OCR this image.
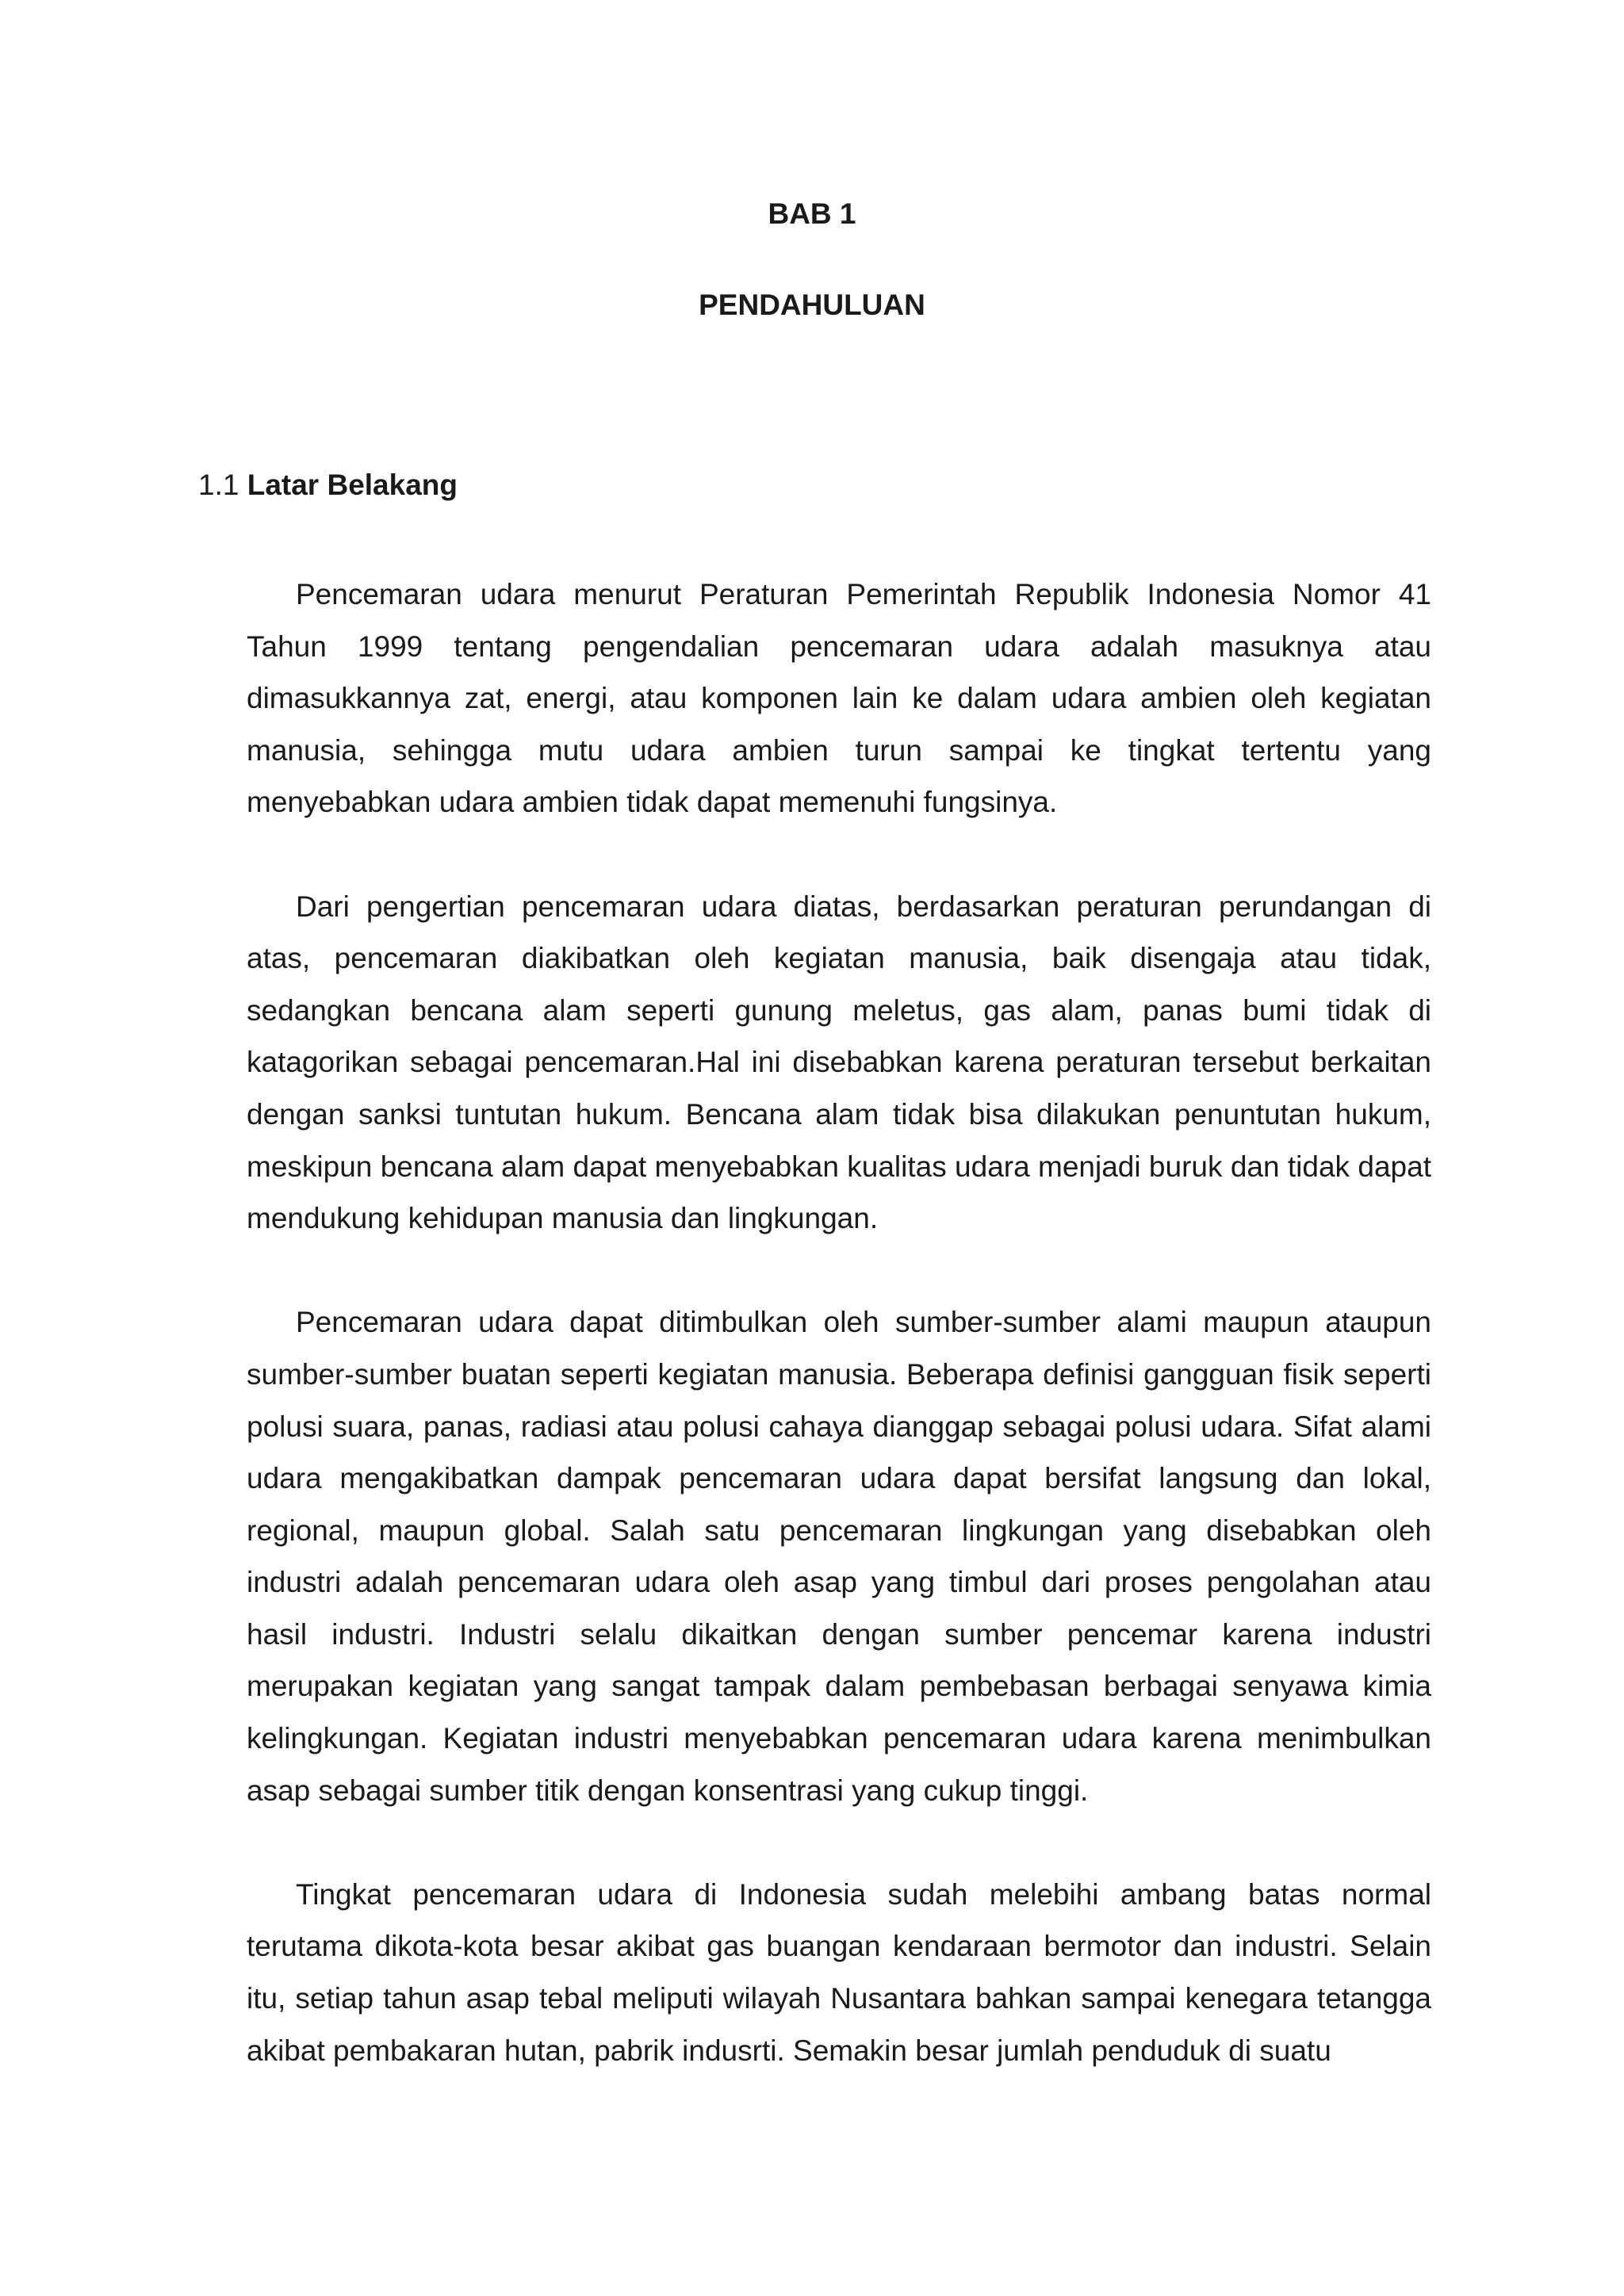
BAB 1
PENDAHULUAN
1.1 Latar Belakang

Pencemaran udara menurut Peraturan Pemerintah Republik Indonesia Nomor 41 Tahun 1999 tentang pengendalian pencemaran udara adalah masuknya atau dimasukkannya zat, energi, atau komponen lain ke dalam udara ambien oleh kegiatan manusia, sehingga mutu udara ambien turun sampai ke tingkat tertentu yang menyebabkan udara ambien tidak dapat memenuhi fungsinya.

Dari pengertian pencemaran udara diatas, berdasarkan peraturan perundangan di atas, pencemaran diakibatkan oleh kegiatan manusia, baik disengaja atau tidak, sedangkan bencana alam seperti gunung meletus, gas alam, panas bumi tidak di katagorikan sebagai pencemaran.Hal ini disebabkan karena peraturan tersebut berkaitan dengan sanksi tuntutan hukum. Bencana alam tidak bisa dilakukan penuntutan hukum, meskipun bencana alam dapat menyebabkan kualitas udara menjadi buruk dan tidak dapat mendukung kehidupan manusia dan lingkungan.

Pencemaran udara dapat ditimbulkan oleh sumber-sumber alami maupun ataupun sumber-sumber buatan seperti kegiatan manusia. Beberapa definisi gangguan fisik seperti polusi suara, panas, radiasi atau polusi cahaya dianggap sebagai polusi udara. Sifat alami udara mengakibatkan dampak pencemaran udara dapat bersifat langsung dan lokal, regional, maupun global. Salah satu pencemaran lingkungan yang disebabkan oleh industri adalah pencemaran udara oleh asap yang timbul dari proses pengolahan atau hasil industri. Industri selalu dikaitkan dengan sumber pencemar karena industri merupakan kegiatan yang sangat tampak dalam pembebasan berbagai senyawa kimia kelingkungan. Kegiatan industri menyebabkan pencemaran udara karena menimbulkan asap sebagai sumber titik dengan konsentrasi yang cukup tinggi.

Tingkat pencemaran udara di Indonesia sudah melebihi ambang batas normal terutama dikota-kota besar akibat gas buangan kendaraan bermotor dan industri. Selain itu, setiap tahun asap tebal meliputi wilayah Nusantara bahkan sampai kenegara tetangga akibat pembakaran hutan, pabrik indusrti. Semakin besar jumlah penduduk di suatu
